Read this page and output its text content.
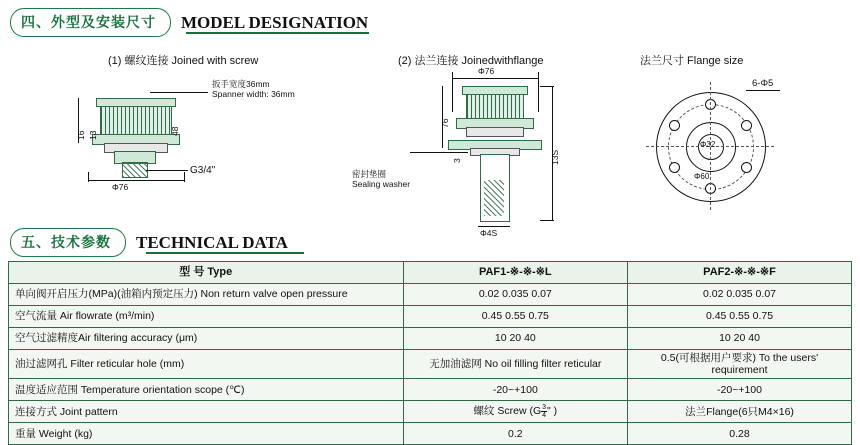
四、外型及安装尺寸	MODEL DESIGNATION
(1) 螺纹连接 Joined with screw	(2) 法兰连接 Joinedwithflange	法兰尺寸 Flange size
Φ76
16 13	48
扳手宽度36mm
Spanner width: 36mm
G3/4"
Φ76
Φ4S
76
3	13S
密封垫圈
Sealing washer
6-Φ5
Φ32
Φ60
五、技术参数	TECHNICAL DATA
型 号 Type	PAF1-※-※-※L	PAF2-※-※-※F
单向阀开启压力(MPa)(油箱内预定压力) Non return valve open pressure	0.02 0.035 0.07	0.02 0.035 0.07
空气流量 Air flowrate (m³/min)	0.45 0.55 0.75	0.45 0.55 0.75
空气过滤精度Air filtering accuracy (μm)	10 20 40	10 20 40
油过滤网孔 Filter reticular hole (mm)	无加油滤网 No oil filling filter reticular	0.5(可根据用户要求) To the users' requirement
温度适应范围 Temperature orientation scope (℃)	-20~+100	-20~+100
连接方式 Joint pattern	螺纹 Screw ($G \frac{3}{4}$ " )	法兰Flange(6只M4×16)
重量 Weight (kg)	0.2	0.28
